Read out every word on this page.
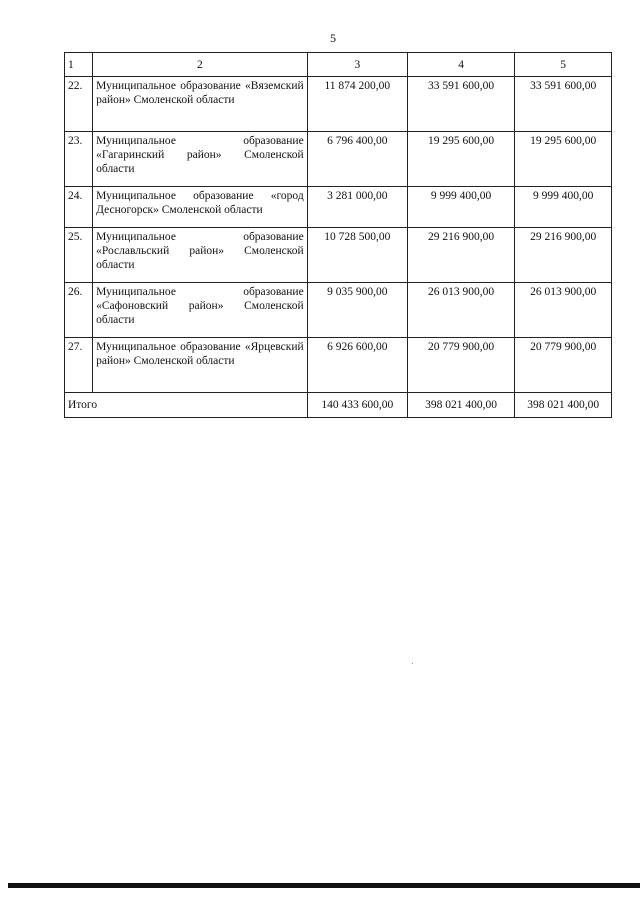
5
1	2	3	4	5
22.	Муниципальное образование «Вяземский район» Смоленской области	11 874 200,00	33 591 600,00	33 591 600,00
23.	Муниципальное образование «Гагаринский район» Смоленской области	6 796 400,00	19 295 600,00	19 295 600,00
24.	Муниципальное образование «город Десногорск» Смоленской области	3 281 000,00	9 999 400,00	9 999 400,00
25.	Муниципальное образование «Рославльский район» Смоленской области	10 728 500,00	29 216 900,00	29 216 900,00
26.	Муниципальное образование «Сафоновский район» Смоленской области	9 035 900,00	26 013 900,00	26 013 900,00
27.	Муниципальное образование «Ярцевский район» Смоленской области	6 926 600,00	20 779 900,00	20 779 900,00
Итого		140 433 600,00	398 021 400,00	398 021 400,00
